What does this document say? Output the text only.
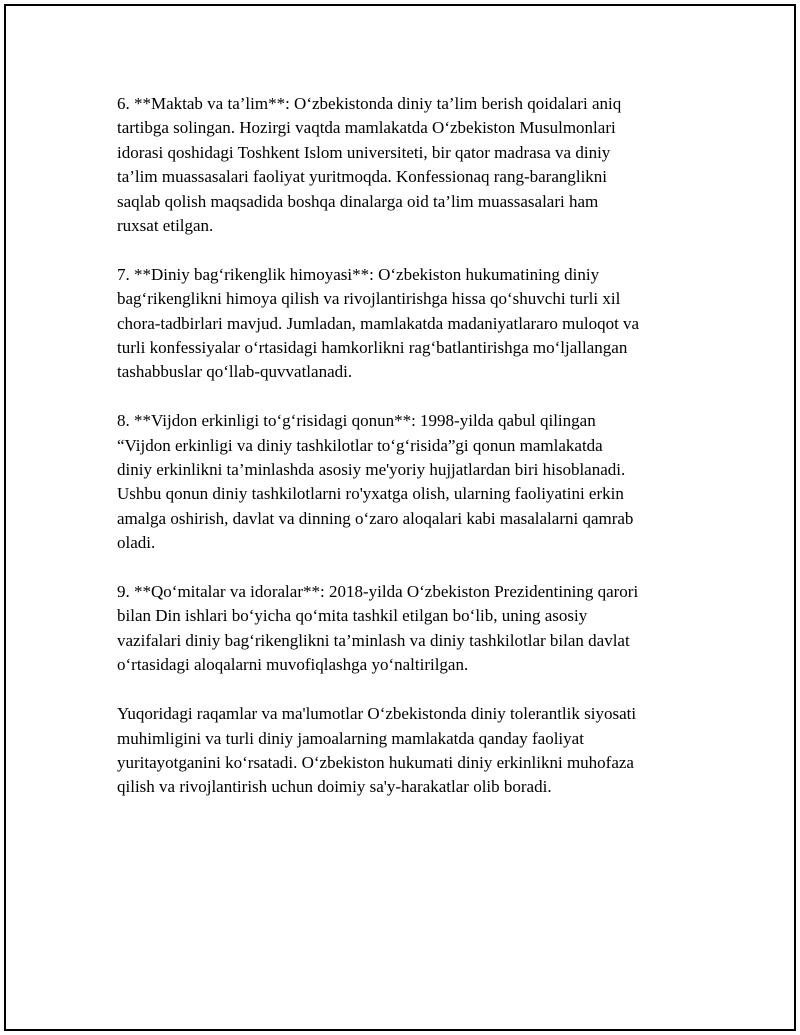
6. **Maktab va ta’lim**: O‘zbekistonda diniy ta’lim berish qoidalari aniq
tartibga solingan. Hozirgi vaqtda mamlakatda O‘zbekiston Musulmonlari
idorasi qoshidagi Toshkent Islom universiteti, bir qator madrasa va diniy
ta’lim muassasalari faoliyat yuritmoqda. Konfessionaq rang-baranglikni
saqlab qolish maqsadida boshqa dinalarga oid ta’lim muassasalari ham
ruxsat etilgan.

7. **Diniy bag‘rikenglik himoyasi**: O‘zbekiston hukumatining diniy
bag‘rikenglikni himoya qilish va rivojlantirishga hissa qo‘shuvchi turli xil
chora-tadbirlari mavjud. Jumladan, mamlakatda madaniyatlararo muloqot va
turli konfessiyalar o‘rtasidagi hamkorlikni rag‘batlantirishga mo‘ljallangan
tashabbuslar qo‘llab-quvvatlanadi.

8. **Vijdon erkinligi to‘g‘risidagi qonun**: 1998-yilda qabul qilingan
“Vijdon erkinligi va diniy tashkilotlar to‘g‘risida”gi qonun mamlakatda
diniy erkinlikni ta’minlashda asosiy me'yoriy hujjatlardan biri hisoblanadi.
Ushbu qonun diniy tashkilotlarni ro'yxatga olish, ularning faoliyatini erkin
amalga oshirish, davlat va dinning o‘zaro aloqalari kabi masalalarni qamrab
oladi.

9. **Qo‘mitalar va idoralar**: 2018-yilda O‘zbekiston Prezidentining qarori
bilan Din ishlari bo‘yicha qo‘mita tashkil etilgan bo‘lib, uning asosiy
vazifalari diniy bag‘rikenglikni ta’minlash va diniy tashkilotlar bilan davlat
o‘rtasidagi aloqalarni muvofiqlashga yo‘naltirilgan.

Yuqoridagi raqamlar va ma'lumotlar O‘zbekistonda diniy tolerantlik siyosati
muhimligini va turli diniy jamoalarning mamlakatda qanday faoliyat
yuritayotganini ko‘rsatadi. O‘zbekiston hukumati diniy erkinlikni muhofaza
qilish va rivojlantirish uchun doimiy sa'y-harakatlar olib boradi.
